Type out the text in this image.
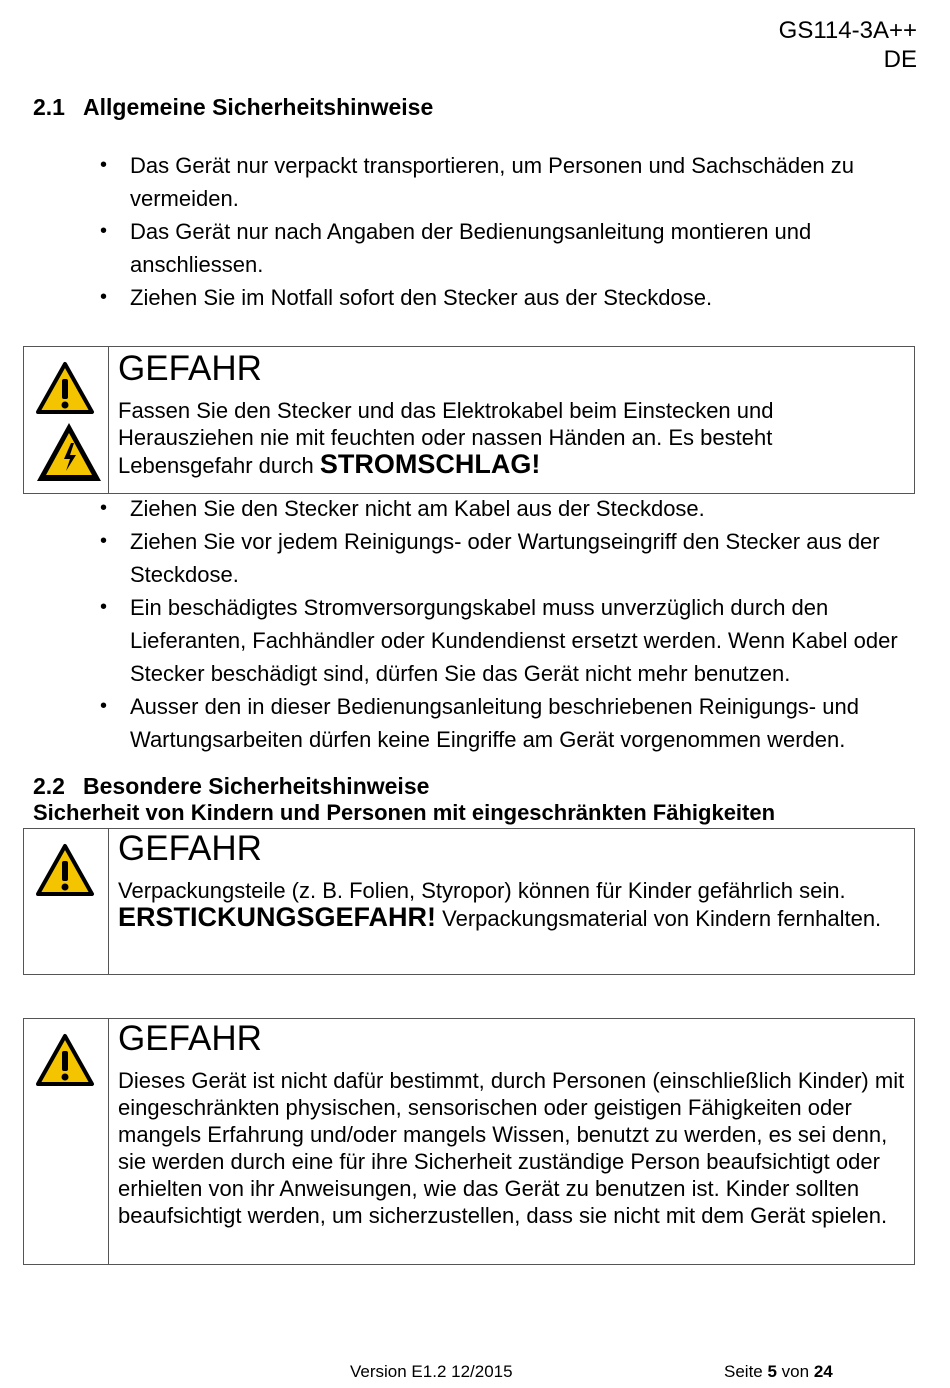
GS114-3A++
DE
2.1 Allgemeine Sicherheitshinweise
• Das Gerät nur verpackt transportieren, um Personen und Sachschäden zu vermeiden.
• Das Gerät nur nach Angaben der Bedienungsanleitung montieren und anschliessen.
• Ziehen Sie im Notfall sofort den Stecker aus der Steckdose.
GEFAHR
Fassen Sie den Stecker und das Elektrokabel beim Einstecken und Herausziehen nie mit feuchten oder nassen Händen an. Es besteht Lebensgefahr durch STROMSCHLAG!
• Ziehen Sie den Stecker nicht am Kabel aus der Steckdose.
• Ziehen Sie vor jedem Reinigungs- oder Wartungseingriff den Stecker aus der Steckdose.
• Ein beschädigtes Stromversorgungskabel muss unverzüglich durch den Lieferanten, Fachhändler oder Kundendienst ersetzt werden. Wenn Kabel oder Stecker beschädigt sind, dürfen Sie das Gerät nicht mehr benutzen.
• Ausser den in dieser Bedienungsanleitung beschriebenen Reinigungs- und Wartungsarbeiten dürfen keine Eingriffe am Gerät vorgenommen werden.
2.2 Besondere Sicherheitshinweise
Sicherheit von Kindern und Personen mit eingeschränkten Fähigkeiten
GEFAHR
Verpackungsteile (z. B. Folien, Styropor) können für Kinder gefährlich sein.
ERSTICKUNGSGEFAHR! Verpackungsmaterial von Kindern fernhalten.
GEFAHR
Dieses Gerät ist nicht dafür bestimmt, durch Personen (einschließlich Kinder) mit eingeschränkten physischen, sensorischen oder geistigen Fähigkeiten oder mangels Erfahrung und/oder mangels Wissen, benutzt zu werden, es sei denn, sie werden durch eine für ihre Sicherheit zuständige Person beaufsichtigt oder erhielten von ihr Anweisungen, wie das Gerät zu benutzen ist. Kinder sollten beaufsichtigt werden, um sicherzustellen, dass sie nicht mit dem Gerät spielen.
Version E1.2 12/2015	Seite 5 von 24
